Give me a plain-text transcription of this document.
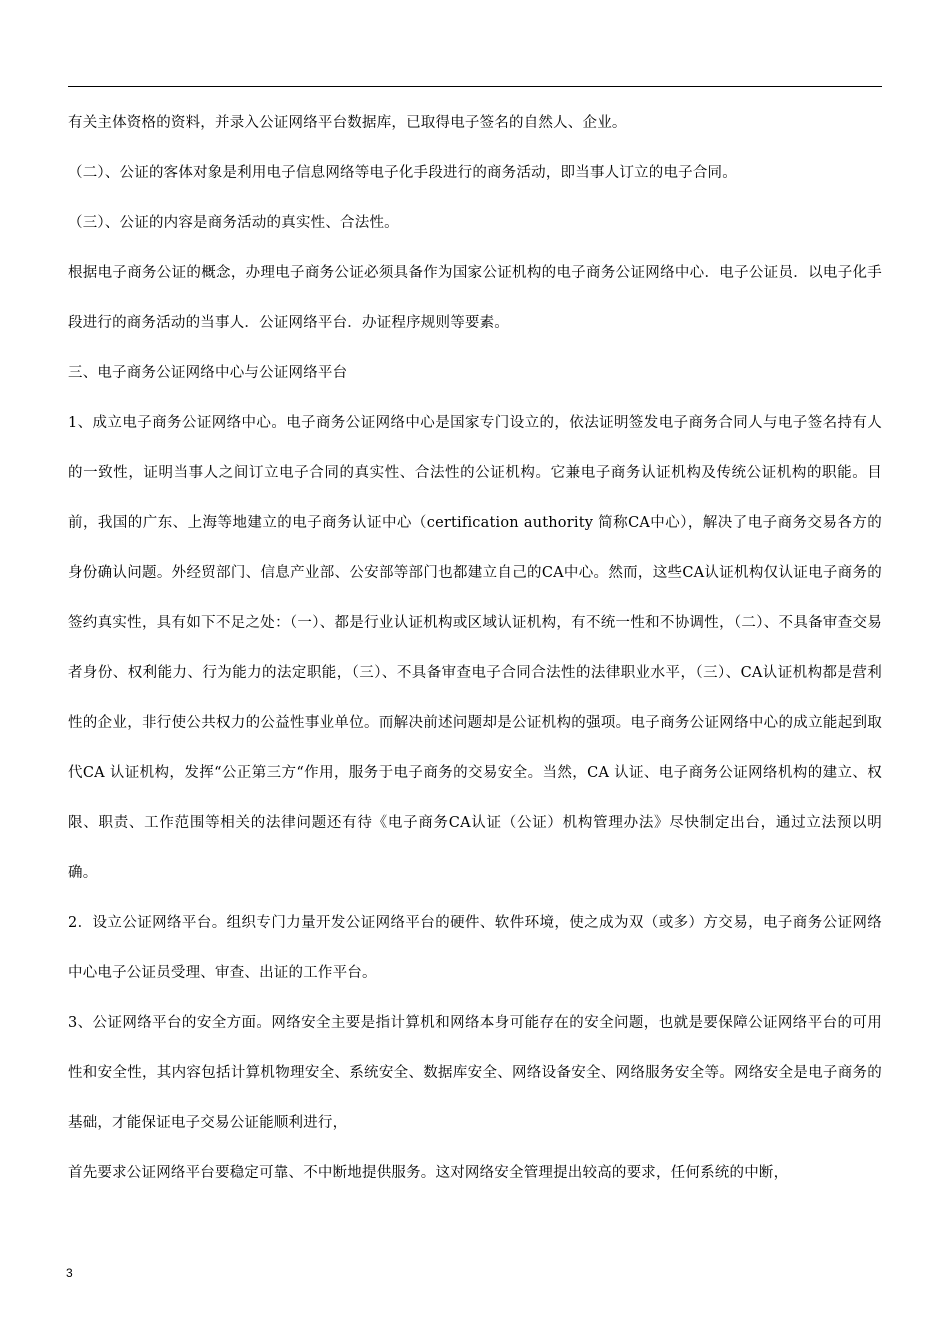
有关主体资格的资料，并录入公证网络平台数据库，已取得电子签名的自然人、企业。

（二）、公证的客体对象是利用电子信息网络等电子化手段进行的商务活动，即当事人订立的电子合同。

（三）、公证的内容是商务活动的真实性、合法性。

根据电子商务公证的概念，办理电子商务公证必须具备作为国家公证机构的电子商务公证网络中心．电子公证员．以电子化手段进行的商务活动的当事人．公证网络平台．办证程序规则等要素。

三、电子商务公证网络中心与公证网络平台

1、成立电子商务公证网络中心。电子商务公证网络中心是国家专门设立的，依法证明签发电子商务合同人与电子签名持有人的一致性，证明当事人之间订立电子合同的真实性、合法性的公证机构。它兼电子商务认证机构及传统公证机构的职能。目前，我国的广东、上海等地建立的电子商务认证中心（certification authority 简称CA中心），解决了电子商务交易各方的身份确认问题。外经贸部门、信息产业部、公安部等部门也都建立自己的CA中心。然而，这些CA认证机构仅认证电子商务的签约真实性，具有如下不足之处：（一）、都是行业认证机构或区域认证机构，有不统一性和不协调性，（二）、不具备审查交易者身份、权利能力、行为能力的法定职能，（三）、不具备审查电子合同合法性的法律职业水平，（三）、CA认证机构都是营利性的企业，非行使公共权力的公益性事业单位。而解决前述问题却是公证机构的强项。电子商务公证网络中心的成立能起到取代CA 认证机构，发挥“公正第三方“作用，服务于电子商务的交易安全。当然，CA 认证、电子商务公证网络机构的建立、权限、职责、工作范围等相关的法律问题还有待《电子商务CA认证（公证）机构管理办法》尽快制定出台，通过立法预以明确。

2．设立公证网络平台。组织专门力量开发公证网络平台的硬件、软件环境，使之成为双（或多）方交易，电子商务公证网络中心电子公证员受理、审查、出证的工作平台。

3、公证网络平台的安全方面。网络安全主要是指计算机和网络本身可能存在的安全问题，也就是要保障公证网络平台的可用性和安全性，其内容包括计算机物理安全、系统安全、数据库安全、网络设备安全、网络服务安全等。网络安全是电子商务的基础，才能保证电子交易公证能顺利进行，

首先要求公证网络平台要稳定可靠、不中断地提供服务。这对网络安全管理提出较高的要求，任何系统的中断，

3
